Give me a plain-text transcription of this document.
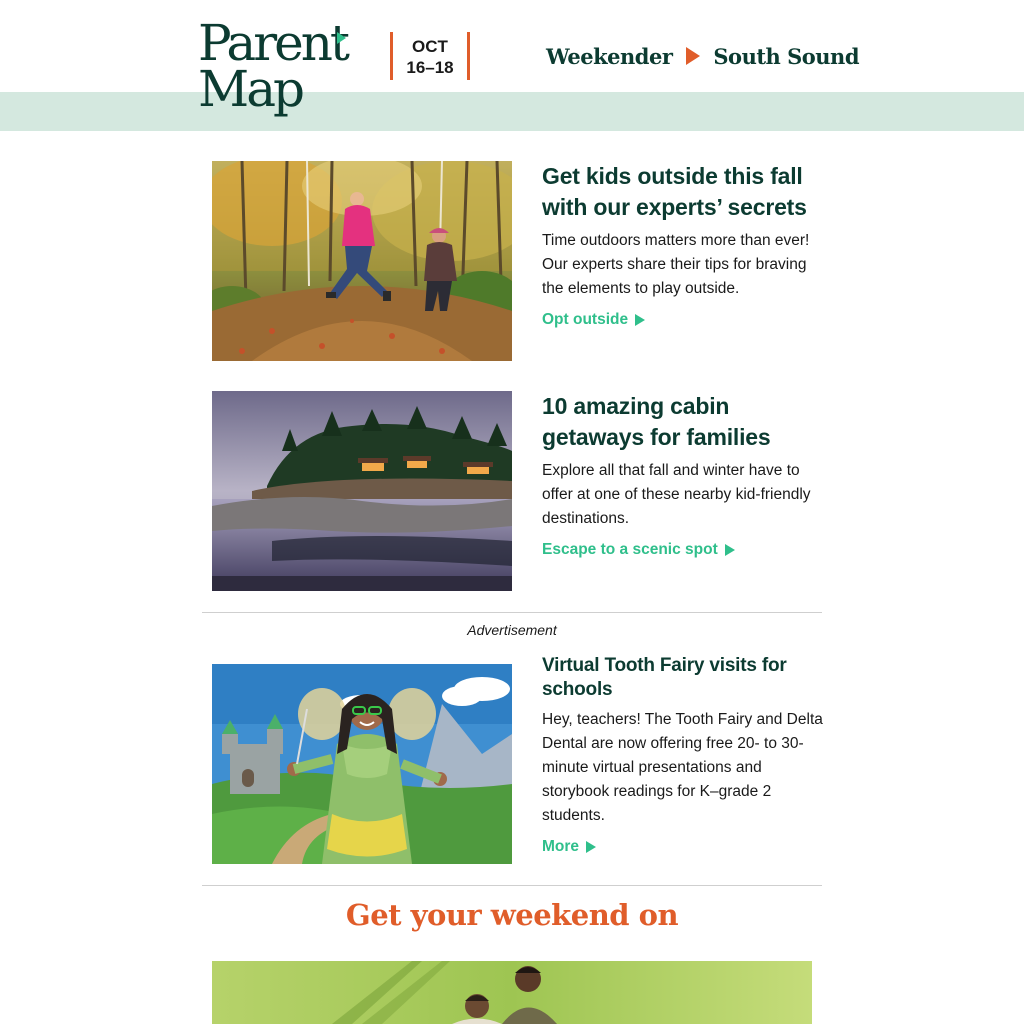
Parent
Map
OCT
16–18	Weekender South Sound
Get kids outside this fall with our experts’ secrets
Time outdoors matters more than ever! Our experts share their tips for braving the elements to play outside.
Opt outside
10 amazing cabin getaways for families
Explore all that fall and winter have to offer at one of these nearby kid-friendly destinations.
Escape to a scenic spot
Advertisement
Virtual Tooth Fairy visits for schools
Hey, teachers! The Tooth Fairy and Delta Dental are now offering free 20- to 30-minute virtual presentations and storybook readings for K–grade 2 students.
More
Get your weekend on
